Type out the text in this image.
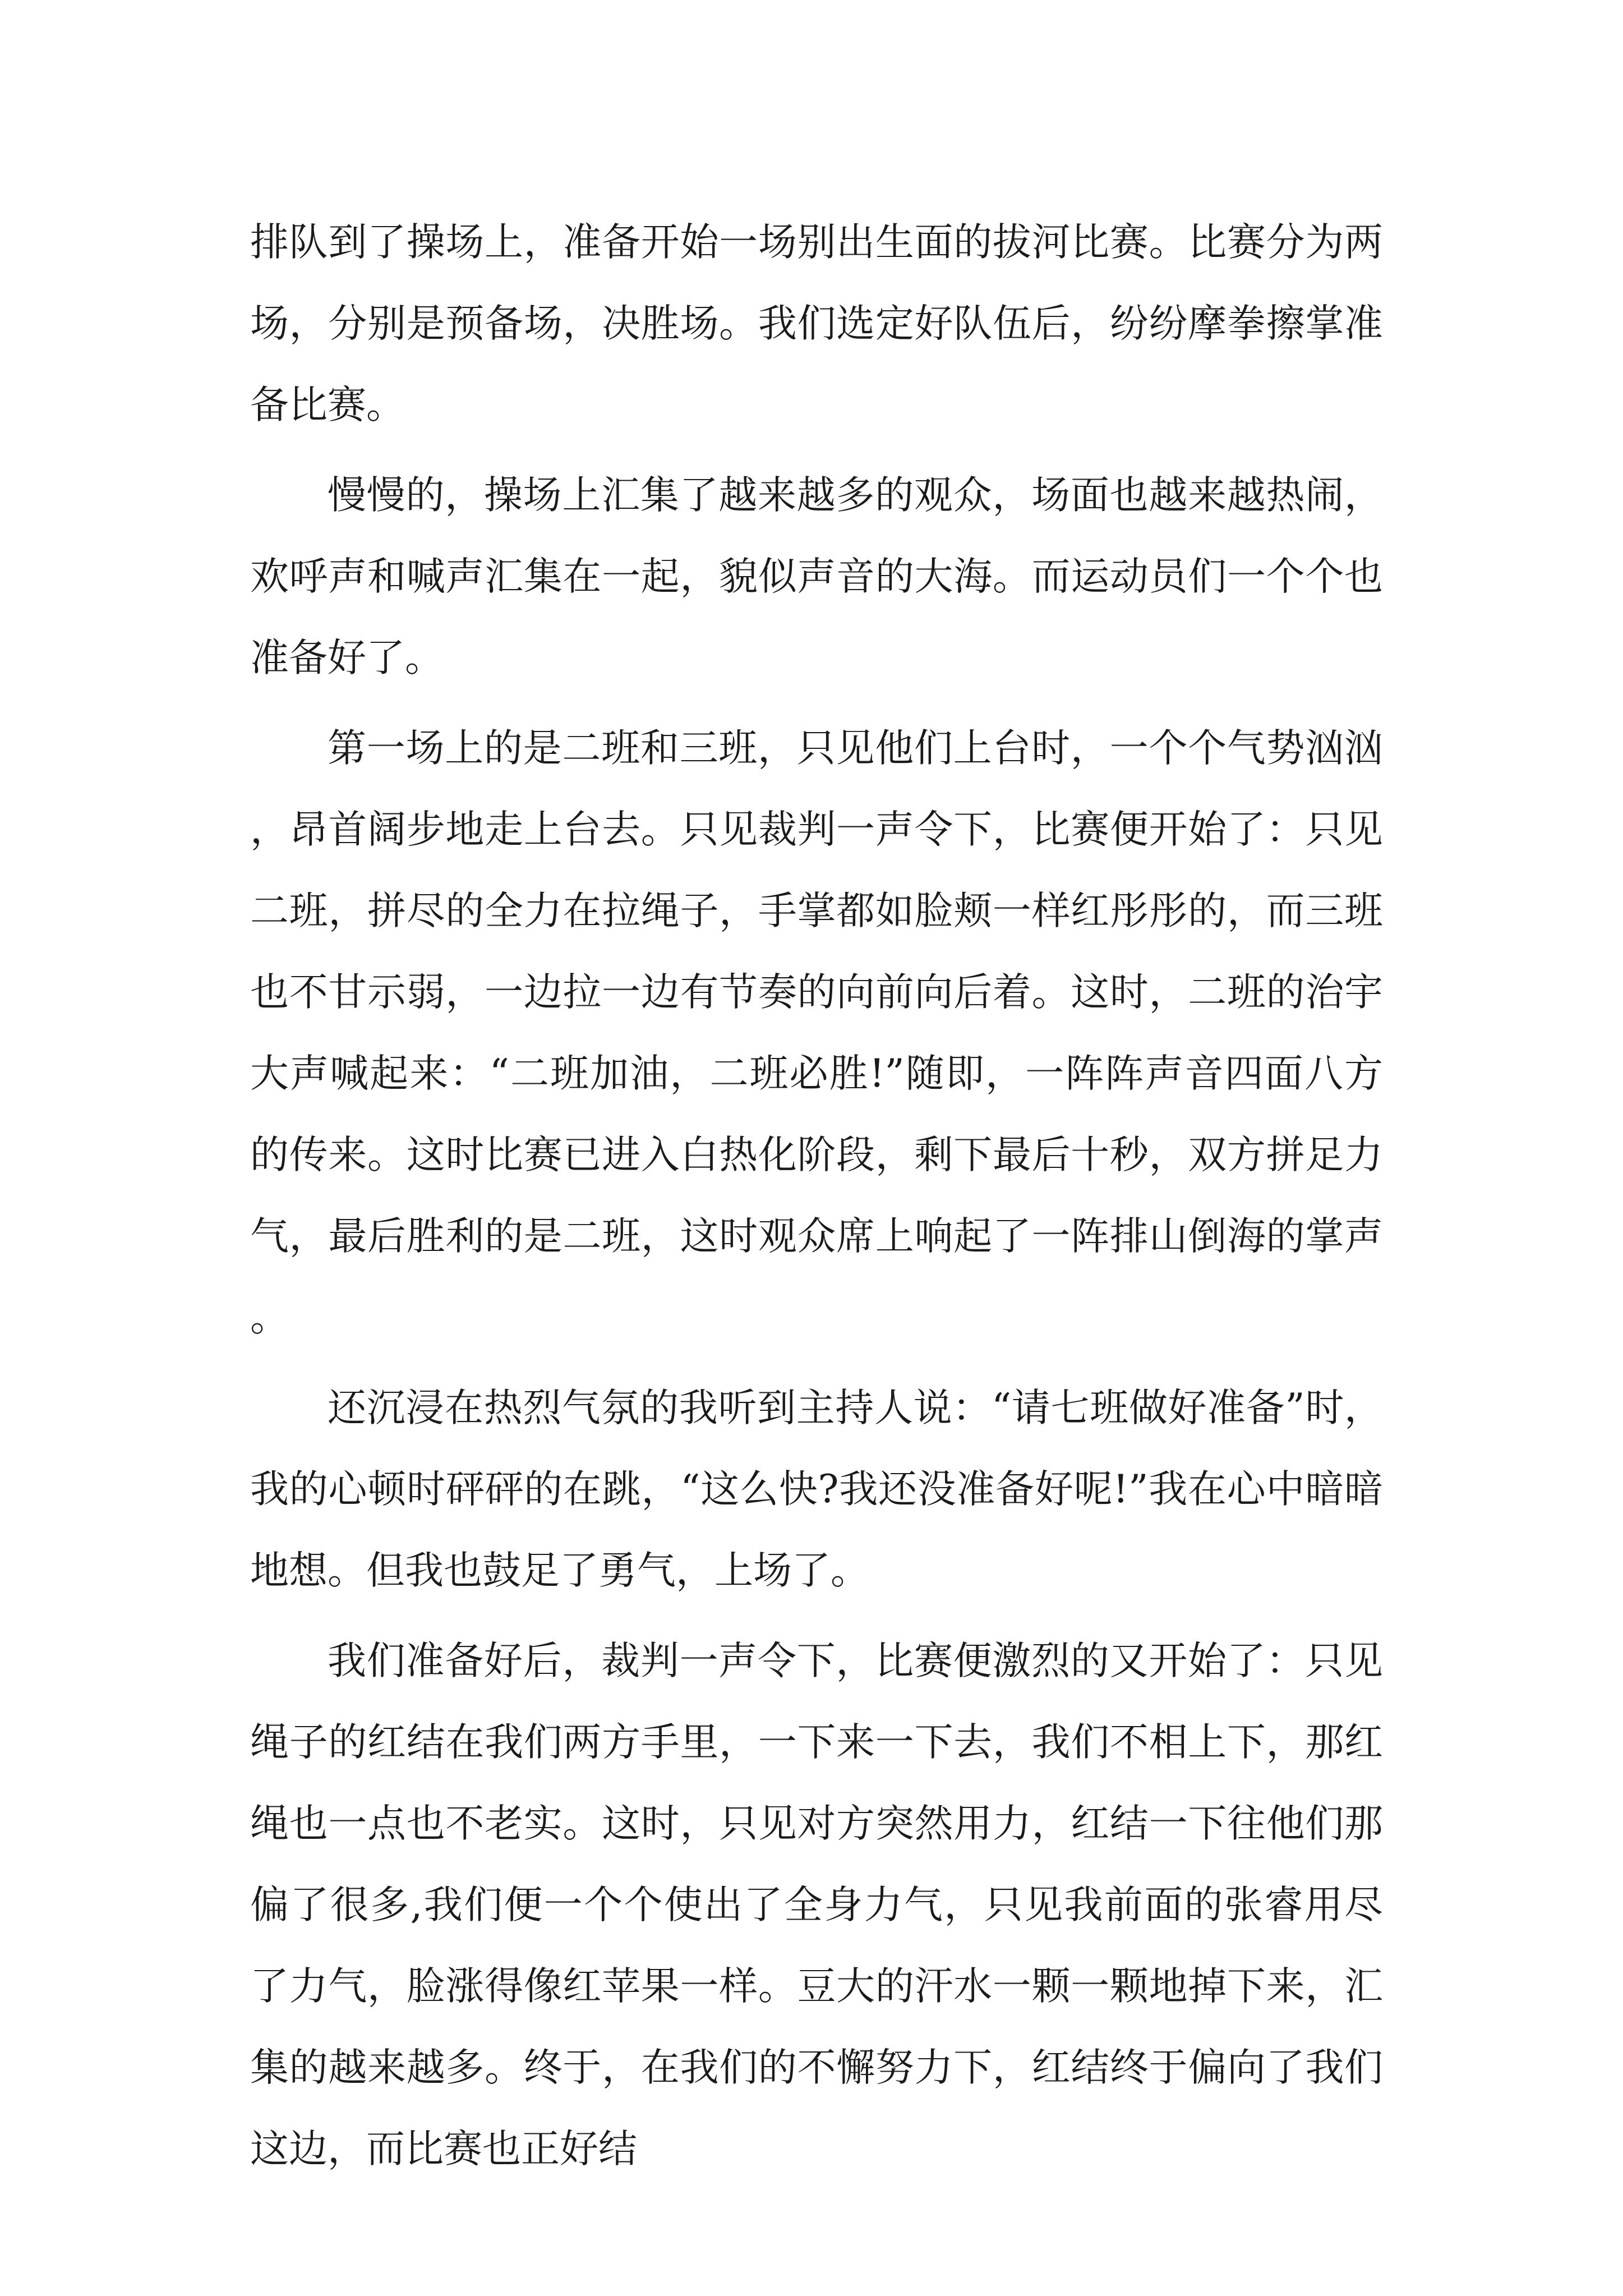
排队到了操场上，准备开始一场别出生面的拔河比赛。比赛分为两场，分别是预备场，决胜场。我们选定好队伍后，纷纷摩拳擦掌准备比赛。

慢慢的，操场上汇集了越来越多的观众，场面也越来越热闹，欢呼声和喊声汇集在一起，貌似声音的大海。而运动员们一个个也准备好了。

第一场上的是二班和三班，只见他们上台时，一个个气势汹汹，昂首阔步地走上台去。只见裁判一声令下，比赛便开始了：只见二班，拼尽的全力在拉绳子，手掌都如脸颊一样红彤彤的，而三班也不甘示弱，一边拉一边有节奏的向前向后着。这时，二班的治宇大声喊起来：“二班加油，二班必胜!”随即，一阵阵声音四面八方的传来。这时比赛已进入白热化阶段，剩下最后十秒，双方拼足力气，最后胜利的是二班，这时观众席上响起了一阵排山倒海的掌声。

还沉浸在热烈气氛的我听到主持人说：“请七班做好准备”时，我的心顿时砰砰的在跳，“这么快?我还没准备好呢!”我在心中暗暗地想。但我也鼓足了勇气，上场了。

我们准备好后，裁判一声令下，比赛便激烈的又开始了：只见绳子的红结在我们两方手里，一下来一下去，我们不相上下，那红绳也一点也不老实。这时，只见对方突然用力，红结一下往他们那偏了很多,我们便一个个使出了全身力气，只见我前面的张睿用尽了力气，脸涨得像红苹果一样。豆大的汗水一颗一颗地掉下来，汇集的越来越多。终于，在我们的不懈努力下，红结终于偏向了我们这边，而比赛也正好结
